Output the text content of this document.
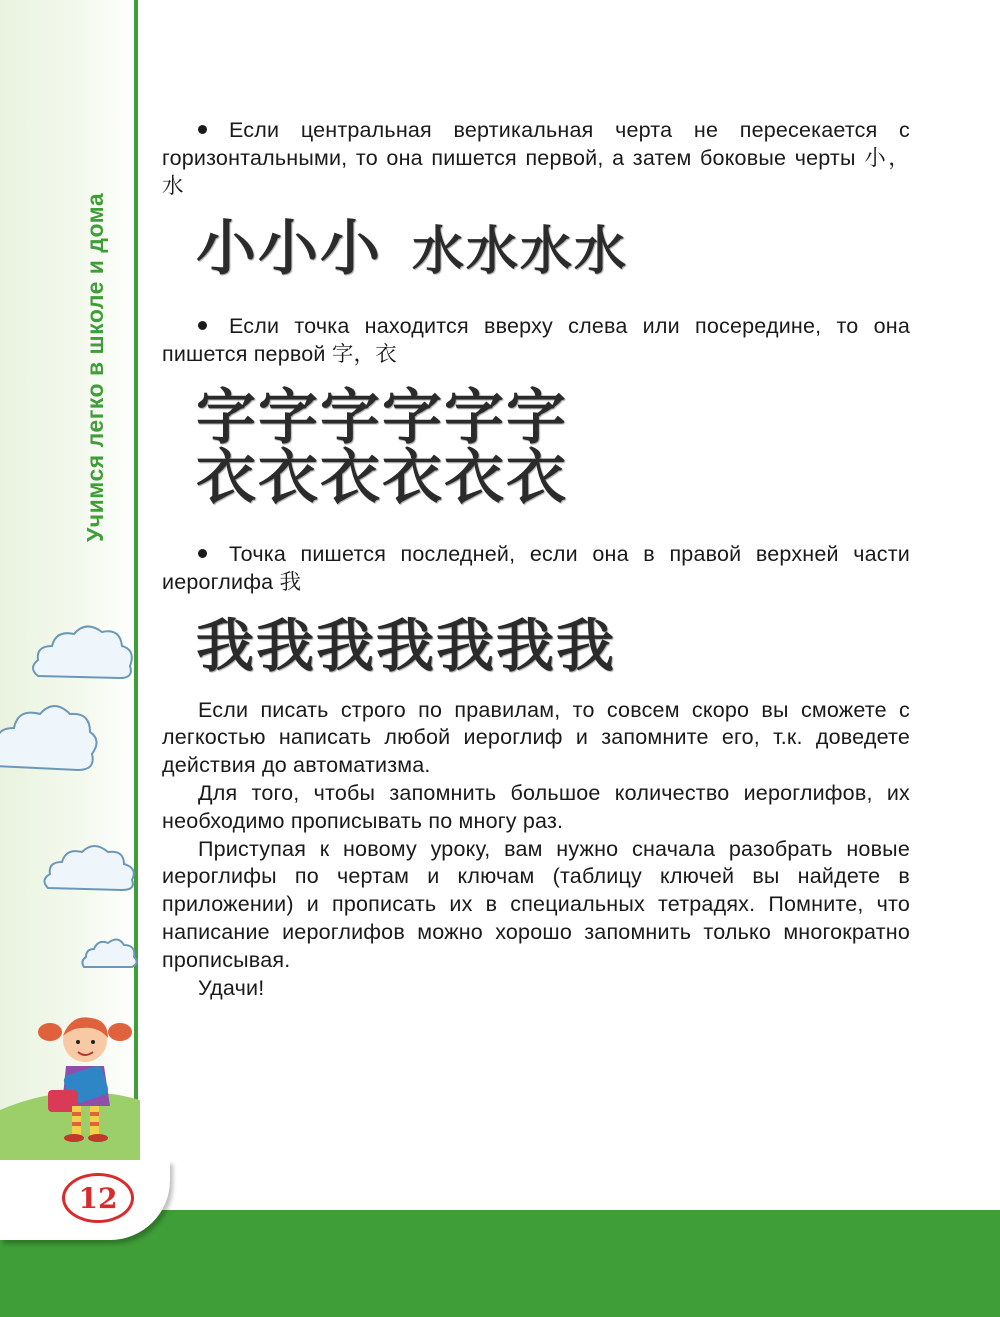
Учимся легко в школе и дома
12

Если центральная вертикальная черта не пересекается с горизонтальными, то она пишется первой, а затем боковые черты 小， 水

小小小 水水水水

Если точка находится вверху слева или посередине, то она пишется первой 字，衣

字字字字字字
衣衣衣衣衣衣

Точка пишется последней, если она в правой верхней части иероглифа 我

我我我我我我我

Если писать строго по правилам, то совсем скоро вы сможете с легкостью написать любой иероглиф и запомните его, т.к. доведете действия до автоматизма.

Для того, чтобы запомнить большое количество иероглифов, их необходимо прописывать по многу раз.

Приступая к новому уроку, вам нужно сначала разобрать новые иероглифы по чертам и ключам (таблицу ключей вы найдете в приложении) и прописать их в специальных тетрадях. Помните, что написание иероглифов можно хорошо запомнить только многократно прописывая.

Удачи!
